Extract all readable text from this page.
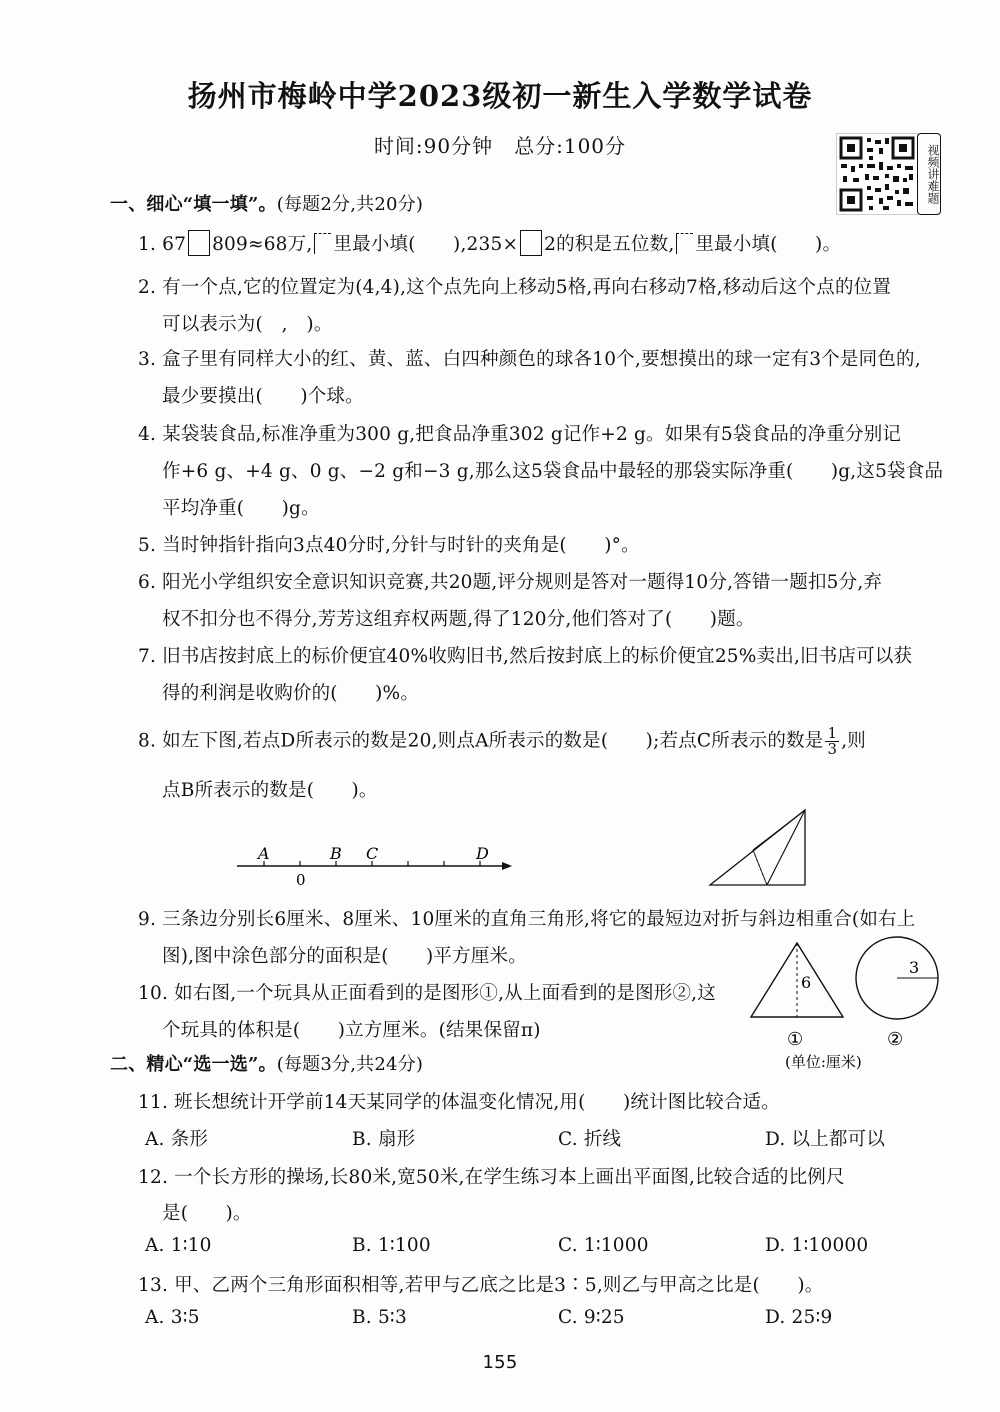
扬州市梅岭中学2023级初一新生入学数学试卷
时间:90分钟　总分:100分	视频讲难题
一、细心“填一填”。(每题2分,共20分)
1. 67 809≈68万, 里最小填(　　),235× 2的积是五位数, 里最小填(　　)。
2. 有一个点,它的位置定为(4,4),这个点先向上移动5格,再向右移动7格,移动后这个点的位置
可以表示为(　,　)。
3. 盒子里有同样大小的红、黄、蓝、白四种颜色的球各10个,要想摸出的球一定有3个是同色的,
最少要摸出(　　)个球。
4. 某袋装食品,标准净重为300 g,把食品净重302 g记作+2 g。如果有5袋食品的净重分别记
作+6 g、+4 g、0 g、−2 g和−3 g,那么这5袋食品中最轻的那袋实际净重(　　)g,这5袋食品
平均净重(　　)g。
5. 当时钟指针指向3点40分时,分针与时针的夹角是(　　)°。
6. 阳光小学组织安全意识知识竞赛,共20题,评分规则是答对一题得10分,答错一题扣5分,弃
权不扣分也不得分,芳芳这组弃权两题,得了120分,他们答对了(　　)题。
7. 旧书店按封底上的标价便宜40%收购旧书,然后按封底上的标价便宜25%卖出,旧书店可以获
得的利润是收购价的(　　)%。
8. 如左下图,若点D所表示的数是20,则点A所表示的数是(　　);若点C所表示的数是 $\frac{1}{3}$ ,则
点B所表示的数是(　　)。
A
0
B C	D
9. 三条边分别长6厘米、8厘米、10厘米的直角三角形,将它的最短边对折与斜边相重合(如右上
图),图中涂色部分的面积是(　　)平方厘米。
10. 如右图,一个玩具从正面看到的是图形①,从上面看到的是图形②,这
个玩具的体积是(　　)立方厘米。(结果保留π)
6
3
①	②
(单位:厘米)
二、精心“选一选”。(每题3分,共24分)
11. 班长想统计开学前14天某同学的体温变化情况,用(　　)统计图比较合适。
A. 条形	B. 扇形	C. 折线	D. 以上都可以
12. 一个长方形的操场,长80米,宽50米,在学生练习本上画出平面图,比较合适的比例尺
是(　　)。
A. 1∶10	B. 1∶100	C. 1∶1000	D. 1∶10000
13. 甲、乙两个三角形面积相等,若甲与乙底之比是3∶5,则乙与甲高之比是(　　)。
A. 3∶5	B. 5∶3	C. 9∶25	D. 25∶9
155
